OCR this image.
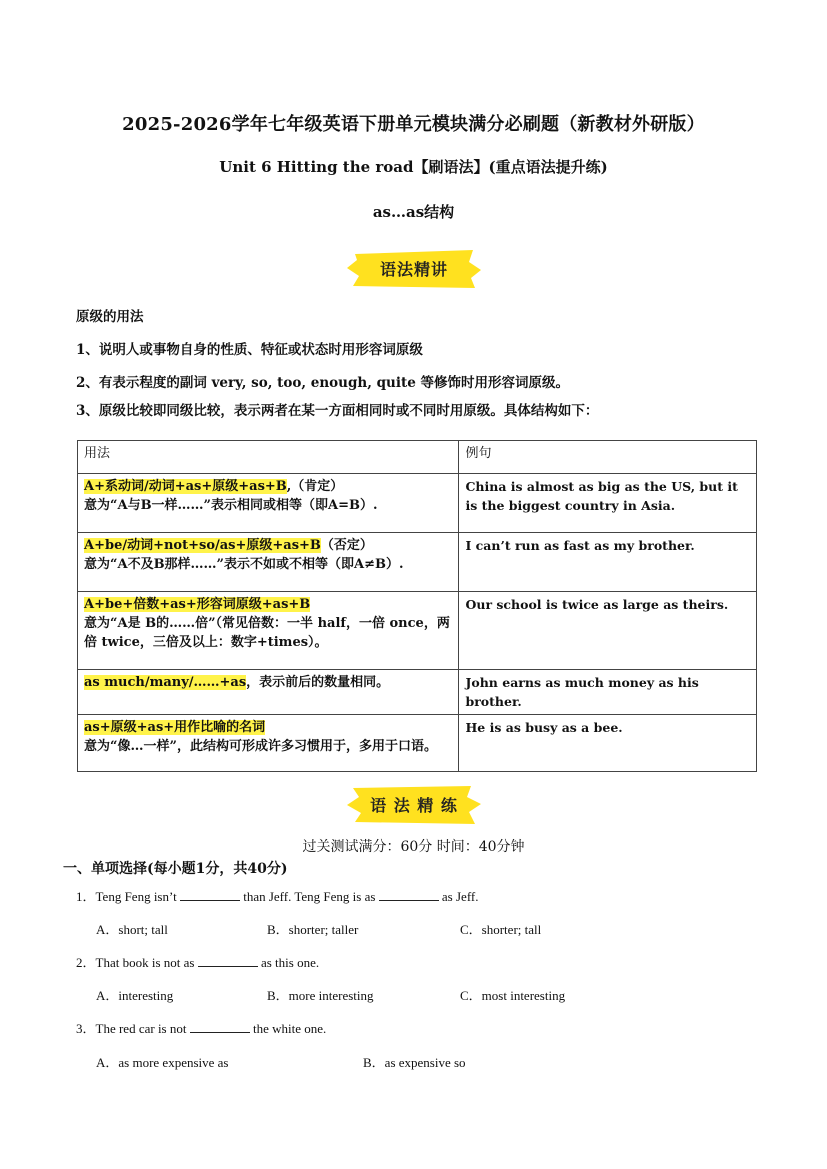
2025-2026学年七年级英语下册单元模块满分必刷题（新教材外研版）
Unit 6 Hitting the road【刷语法】(重点语法提升练)
as…as结构
语法精讲
原级的用法
1、说明人或事物自身的性质、特征或状态时用形容词原级
2、有表示程度的副词 very, so, too, enough, quite 等修饰时用形容词原级。
3、原级比较即同级比较，表示两者在某一方面相同时或不同时用原级。具体结构如下：
用法	例句
A+系动词/动词+as+原级+as+B,（肯定）
意为“A与B一样……”表示相同或相等（即A=B）.	China is almost as big as the US, but it is the biggest country in Asia.
A+be/动词+not+so/as+原级+as+B（否定）
意为“A不及B那样……”表示不如或不相等（即A≠B）.	I can’t run as fast as my brother.
A+be+倍数+as+形容词原级+as+B
意为“A是 B的……倍”（常见倍数：一半 half，一倍 once，两倍 twice，三倍及以上：数字+times）。	Our school is twice as large as theirs.
as much/many/……+as，表示前后的数量相同。	John earns as much money as his brother.
as+原级+as+用作比喻的名词
意为“像…一样”，此结构可形成许多习惯用于，多用于口语。	He is as busy as a bee.
语 法 精 练
过关测试满分：60分 时间：40分钟
一、单项选择(每小题1分，共40分)
1．Teng Feng isn’t	than Jeff. Teng Feng is as	as Jeff.
A．short; tall	B．shorter; taller	C．shorter; tall
2．That book is not as	as this one.
A．interesting	B．more interesting	C．most interesting
3．The red car is not	the white one.
A．as more expensive as	B．as expensive so
